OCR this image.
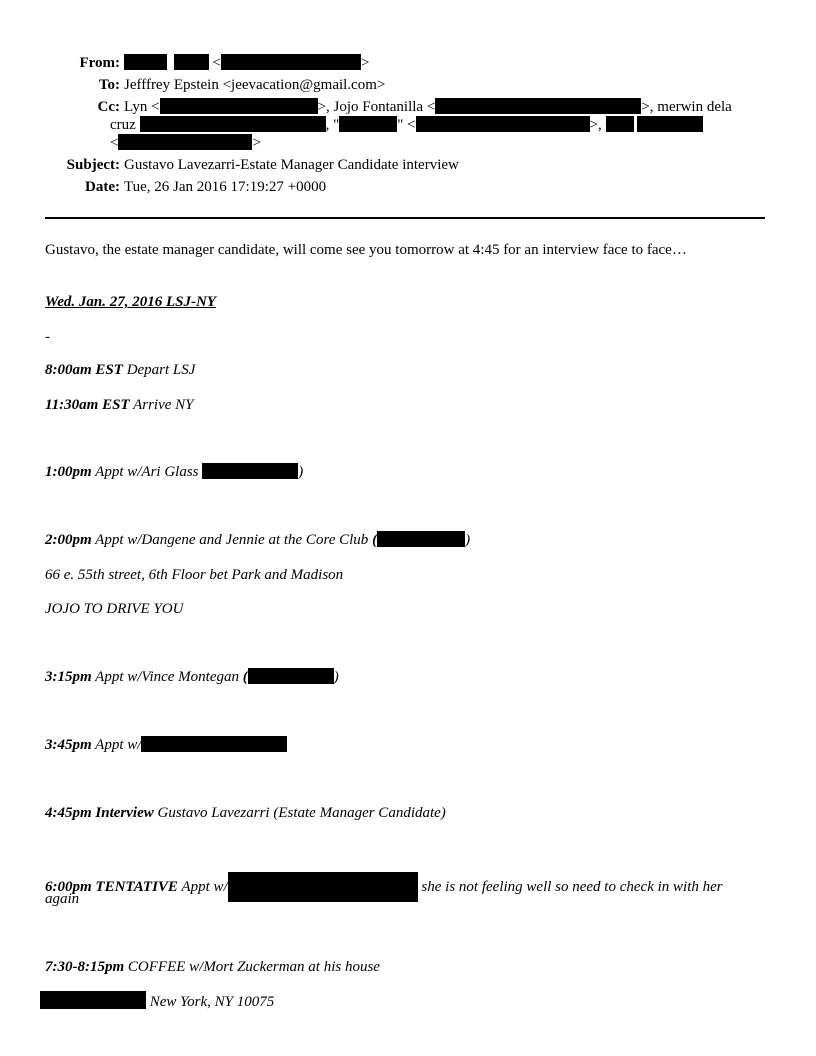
From:	<	>
To: Jefffrey Epstein <jeevacation@gmail.com>
Cc: Lyn <	>, Jojo Fontanilla <	>, merwin dela
cruz	, "	" <	>,
<	>
Subject: Gustavo Lavezarri-Estate Manager Candidate interview
Date: Tue, 26 Jan 2016 17:19:27 +0000
Gustavo, the estate manager candidate, will come see you tomorrow at 4:45 for an interview face to face…
Wed. Jan. 27, 2016 LSJ-NY
-
8:00am EST Depart LSJ
11:30am EST Arrive NY
1:00pm Appt w/Ari Glass	)
2:00pm Appt w/Dangene and Jennie at the Core Club (	)
66 e. 55th street, 6th Floor bet Park and Madison
JOJO TO DRIVE YOU
3:15pm Appt w/Vince Montegan (	)
3:45pm Appt w/
4:45pm Interview Gustavo Lavezarri (Estate Manager Candidate)
6:00pm TENTATIVE Appt w/	she is not feeling well so need to check in with her
again
7:30-8:15pm COFFEE w/Mort Zuckerman at his house
New York, NY 10075
